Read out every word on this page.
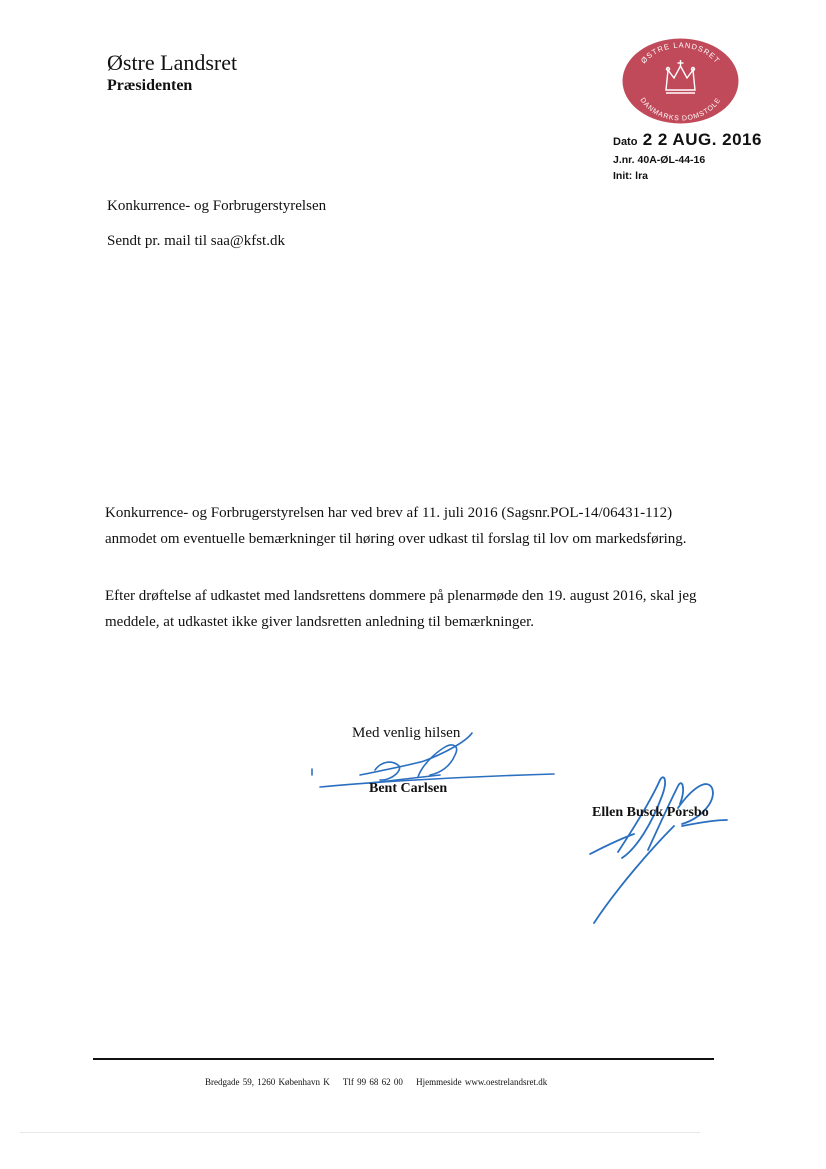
Østre Landsret
Præsidenten
ØSTRE LANDSRET
DANMARKS DOMSTOLE
Dato 2 2 AUG. 2016
J.nr. 40A-ØL-44-16
Init: lra
Konkurrence- og Forbrugerstyrelsen
Sendt pr. mail til saa@kfst.dk
Konkurrence- og Forbrugerstyrelsen har ved brev af 11. juli 2016 (Sagsnr.POL-14/06431-112) anmodet om eventuelle bemærkninger til høring over udkast til forslag til lov om markedsføring.
Efter drøftelse af udkastet med landsrettens dommere på plenarmøde den 19. august 2016, skal jeg meddele, at udkastet ikke giver landsretten anledning til bemærkninger.
Med venlig hilsen
Bent Carlsen
Ellen Busck Porsbo
Bredgade 59, 1260 København K Tlf 99 68 62 00 Hjemmeside www.oestrelandsret.dk
